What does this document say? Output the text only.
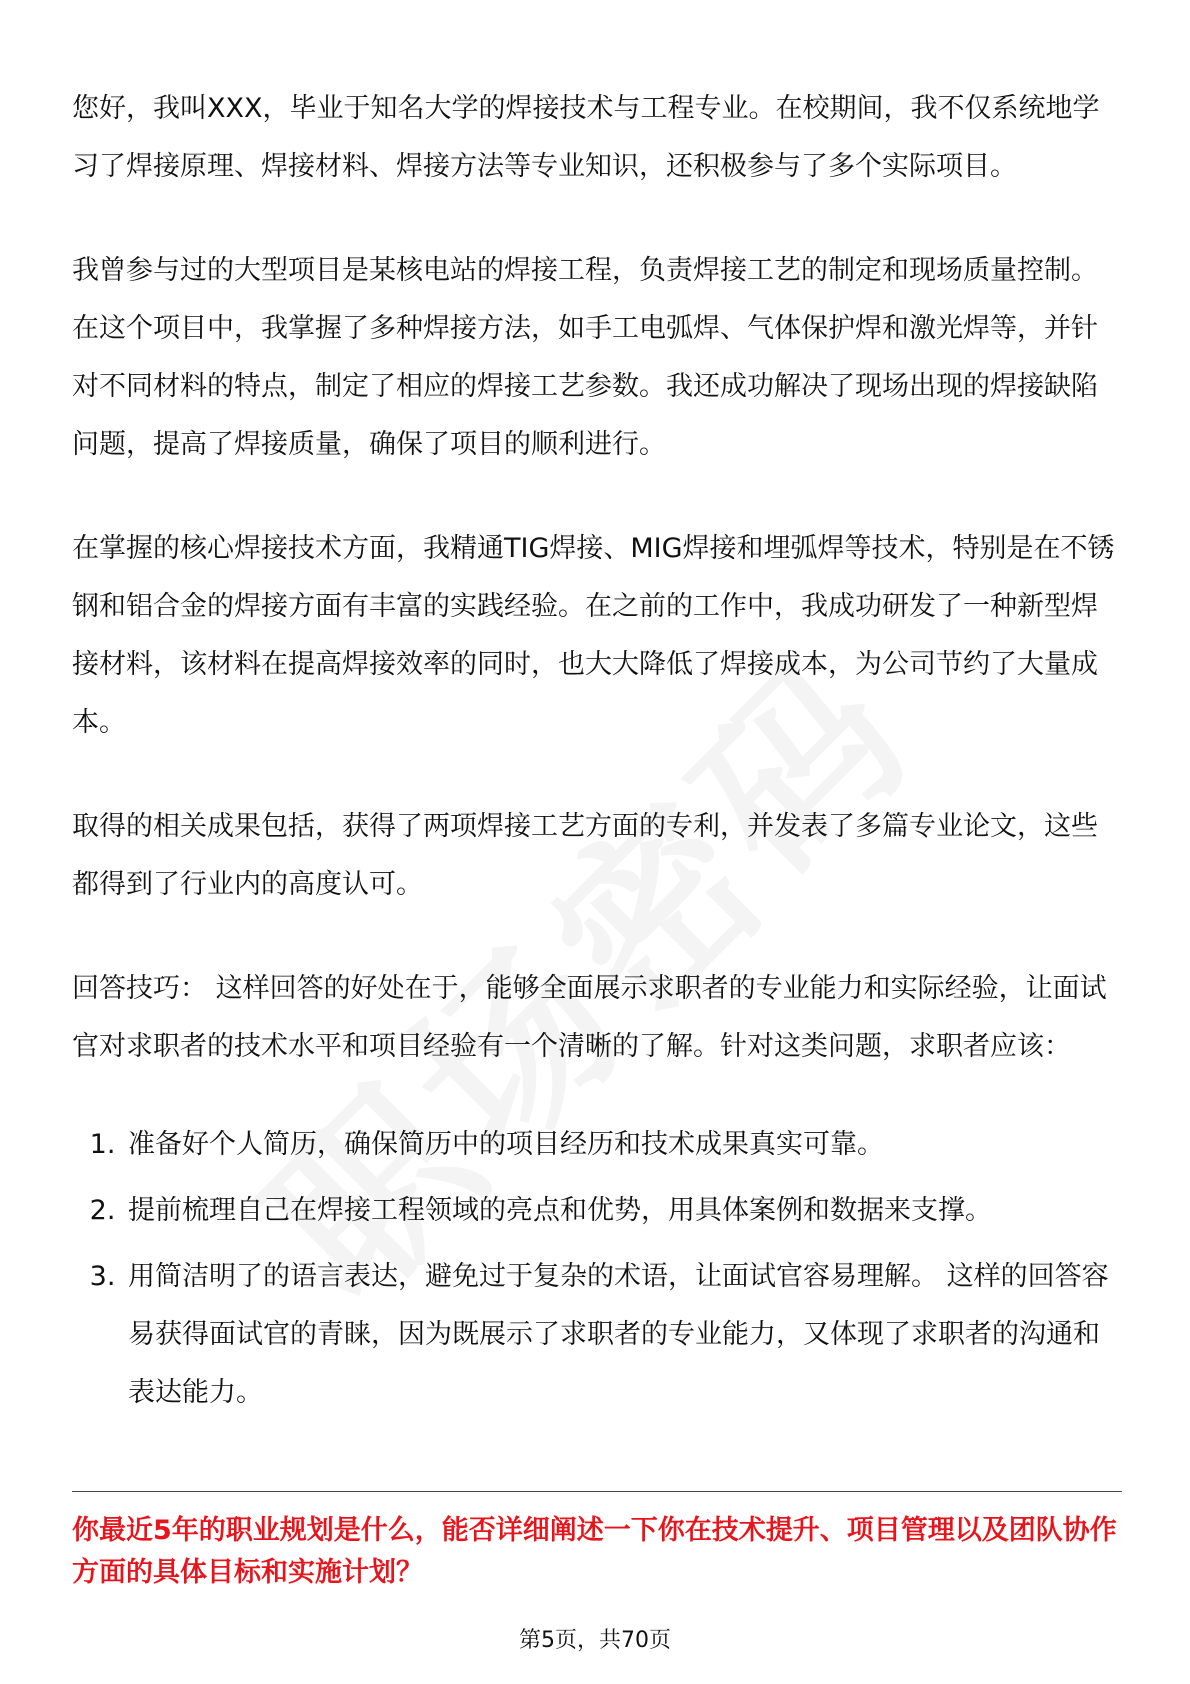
您好，我叫XXX，毕业于知名大学的焊接技术与工程专业。在校期间，我不仅系统地学习了焊接原理、焊接材料、焊接方法等专业知识，还积极参与了多个实际项目。

我曾参与过的大型项目是某核电站的焊接工程，负责焊接工艺的制定和现场质量控制。在这个项目中，我掌握了多种焊接方法，如手工电弧焊、气体保护焊和激光焊等，并针对不同材料的特点，制定了相应的焊接工艺参数。我还成功解决了现场出现的焊接缺陷问题，提高了焊接质量，确保了项目的顺利进行。

在掌握的核心焊接技术方面，我精通TIG焊接、MIG焊接和埋弧焊等技术，特别是在不锈钢和铝合金的焊接方面有丰富的实践经验。在之前的工作中，我成功研发了一种新型焊接材料，该材料在提高焊接效率的同时，也大大降低了焊接成本，为公司节约了大量成本。

取得的相关成果包括，获得了两项焊接工艺方面的专利，并发表了多篇专业论文，这些都得到了行业内的高度认可。

回答技巧： 这样回答的好处在于，能够全面展示求职者的专业能力和实际经验，让面试官对求职者的技术水平和项目经验有一个清晰的了解。针对这类问题，求职者应该：

1. 准备好个人简历，确保简历中的项目经历和技术成果真实可靠。
2. 提前梳理自己在焊接工程领域的亮点和优势，用具体案例和数据来支撑。
3. 用简洁明了的语言表达，避免过于复杂的术语，让面试官容易理解。 这样的回答容易获得面试官的青睐，因为既展示了求职者的专业能力，又体现了求职者的沟通和表达能力。

你最近5年的职业规划是什么，能否详细阐述一下你在技术提升、项目管理以及团队协作方面的具体目标和实施计划？

第5页，共70页
